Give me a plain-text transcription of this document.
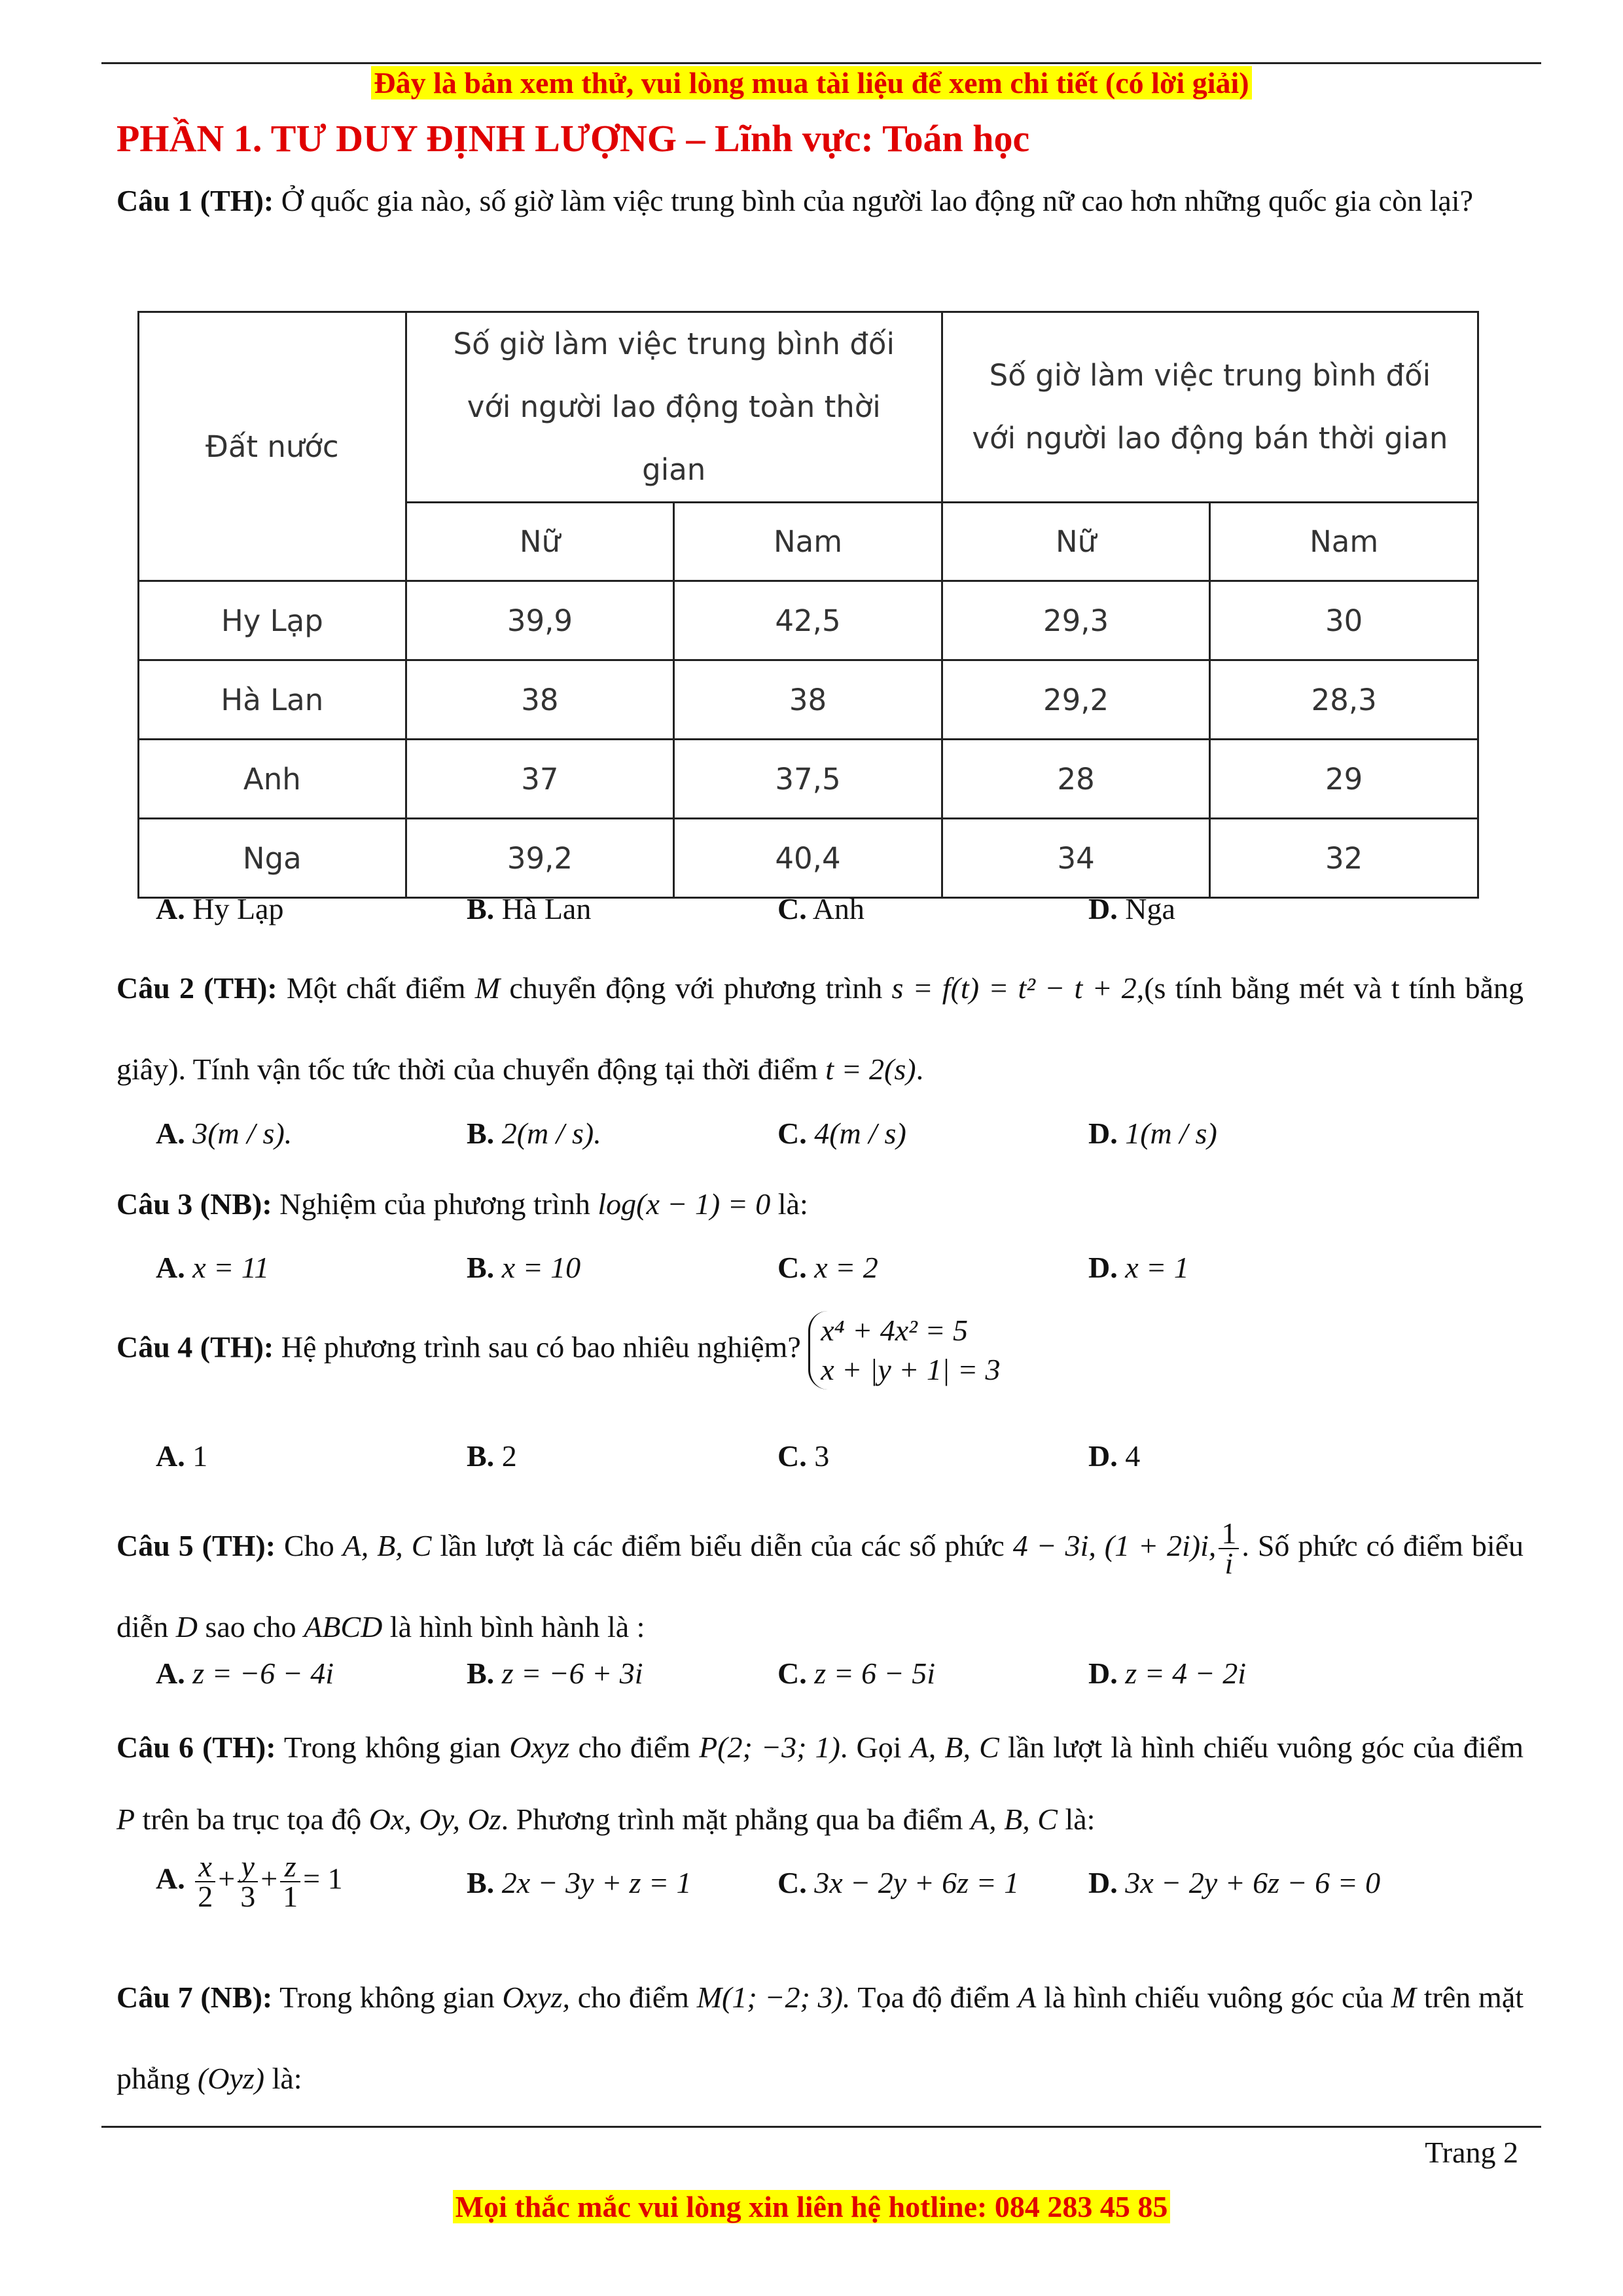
Đây là bản xem thử, vui lòng mua tài liệu để xem chi tiết (có lời giải)
PHẦN 1. TƯ DUY ĐỊNH LƯỢNG – Lĩnh vực: Toán học
Câu 1 (TH): Ở quốc gia nào, số giờ làm việc trung bình của người lao động nữ cao hơn những quốc gia còn lại?
Đất nước	Số giờ làm việc trung bình đối với người lao động toàn thời gian		Số giờ làm việc trung bình đối với người lao động bán thời gian	
	Nữ	Nam	Nữ	Nam
Hy Lạp	39,9	42,5	29,3	30
Hà Lan	38	38	29,2	28,3
Anh	37	37,5	28	29
Nga	39,2	40,4	34	32
A. Hy Lạp	B. Hà Lan	C. Anh	D. Nga
Câu 2 (TH): Một chất điểm M chuyển động với phương trình s = f(t) = t² − t + 2,(s tính bằng mét và t tính bằng giây). Tính vận tốc tức thời của chuyển động tại thời điểm t = 2(s).
A. 3(m / s).	B. 2(m / s).	C. 4(m / s)	D. 1(m / s)
Câu 3 (NB): Nghiệm của phương trình log(x − 1) = 0 là:
A. x = 11	B. x = 10	C. x = 2	D. x = 1
Câu 4 (TH): Hệ phương trình sau có bao nhiêu nghiệm?
x⁴ + 4x² = 5
x + |y + 1| = 3
A. 1	B. 2	C. 3	D. 4
Câu 5 (TH): Cho A, B, C lần lượt là các điểm biểu diễn của các số phức 4 − 3i, (1 + 2i)i, $\frac{1}{i}$ . Số phức có điểm biểu diễn D sao cho ABCD là hình bình hành là :
A. z = −6 − 4i	B. z = −6 + 3i	C. z = 6 − 5i	D. z = 4 − 2i
Câu 6 (TH): Trong không gian Oxyz cho điểm P(2; −3; 1). Gọi A, B, C lần lượt là hình chiếu vuông góc của điểm P trên ba trục tọa độ Ox, Oy, Oz. Phương trình mặt phẳng qua ba điểm A, B, C là:
A. $\frac{x}{2} + \frac{y}{3} + \frac{z}{1} = 1$	B. 2x − 3y + z = 1	C. 3x − 2y + 6z = 1 D. 3x − 2y + 6z − 6 = 0
Câu 7 (NB): Trong không gian Oxyz, cho điểm M(1; −2; 3). Tọa độ điểm A là hình chiếu vuông góc của M trên mặt phẳng (Oyz) là:
Trang 2
Mọi thắc mắc vui lòng xin liên hệ hotline: 084 283 45 85
